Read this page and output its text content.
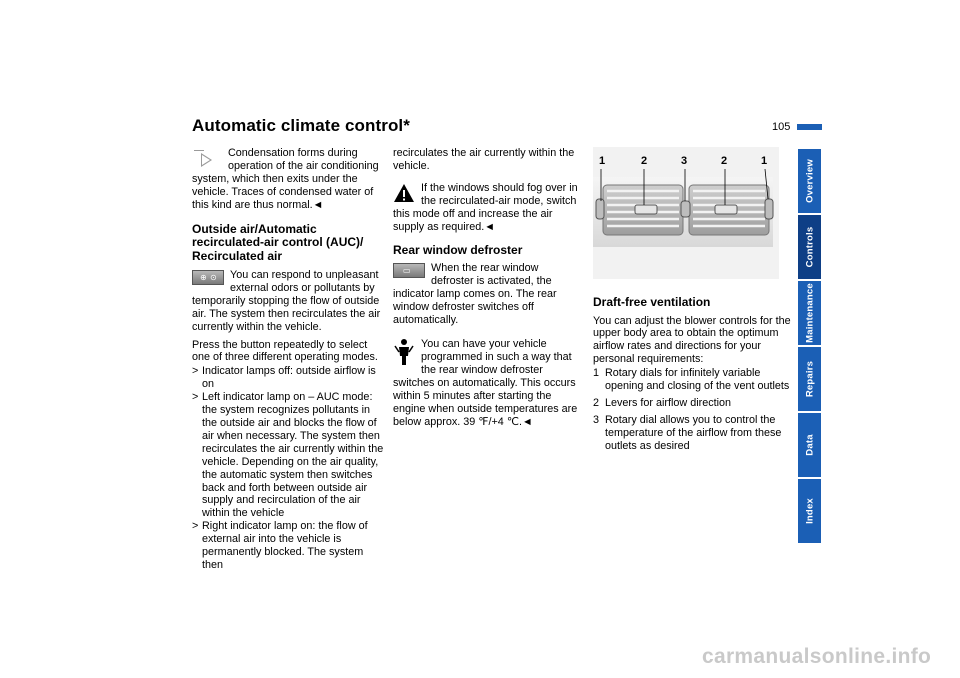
Automatic climate control*	105

Condensation forms during operation of the air conditioning system, which then exits under the vehicle. Traces of condensed water of this kind are thus normal.◄

Outside air/Automatic recirculated-air control (AUC)/ Recirculated air

⊕ ⊙	You can respond to unpleasant external odors or pollutants by temporarily stopping the flow of outside air. The system then recirculates the air currently within the vehicle.

Press the button repeatedly to select one of three different operating modes.

> Indicator lamps off: outside airflow is on
> Left indicator lamp on – AUC mode: the system recognizes pollutants in the outside air and blocks the flow of air when necessary. The system then recirculates the air currently within the vehicle. Depending on the air quality, the automatic system then switches back and forth between outside air supply and recirculation of the air within the vehicle
> Right indicator lamp on: the flow of external air into the vehicle is permanently blocked. The system then

recirculates the air currently within the vehicle.

If the windows should fog over in the recirculated-air mode, switch this mode off and increase the air supply as required.◄

Rear window defroster

▭	When the rear window defroster is activated, the indicator lamp comes on. The rear window defroster switches off automatically.

You can have your vehicle programmed in such a way that the rear window defroster switches on automatically. This occurs within 5 minutes after starting the engine when outside temperatures are below approx. 39 ℉/+4 ℃.◄

1	2	3	2	1

Draft-free ventilation

You can adjust the blower controls for the upper body area to obtain the optimum airflow rates and directions for your personal requirements:

1 Rotary dials for infinitely variable opening and closing of the vent outlets
2 Levers for airflow direction
3 Rotary dial allows you to control the temperature of the airflow from these outlets as desired
Overview
Controls
Maintenance
Repairs
Data
Index
carmanualsonline.info
